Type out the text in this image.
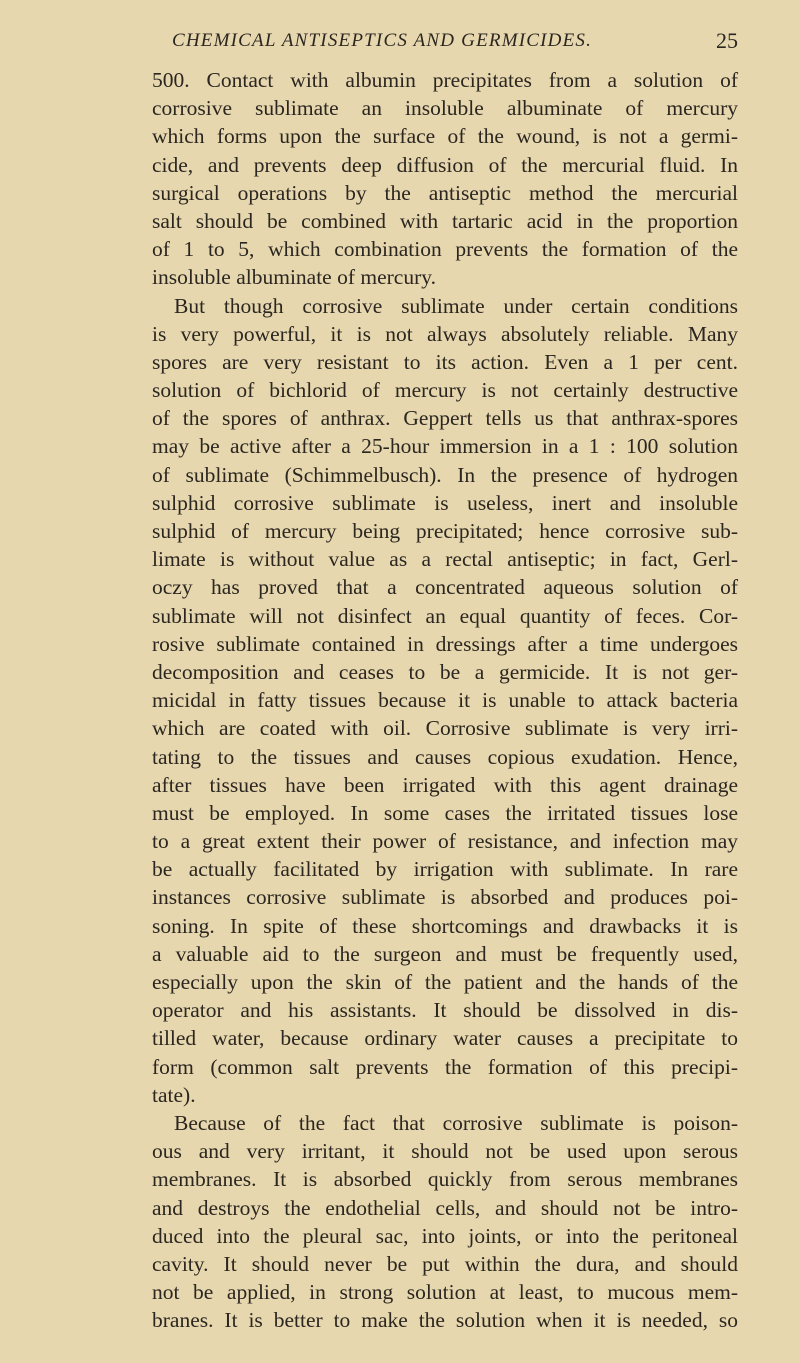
CHEMICAL ANTISEPTICS AND GERMICIDES.	25
500. Contact with albumin precipitates from a solution of
corrosive sublimate an insoluble albuminate of mercury
which forms upon the surface of the wound, is not a germi-
cide, and prevents deep diffusion of the mercurial fluid. In
surgical operations by the antiseptic method the mercurial
salt should be combined with tartaric acid in the proportion
of 1 to 5, which combination prevents the formation of the
insoluble albuminate of mercury.
But though corrosive sublimate under certain conditions
is very powerful, it is not always absolutely reliable. Many
spores are very resistant to its action. Even a 1 per cent.
solution of bichlorid of mercury is not certainly destructive
of the spores of anthrax. Geppert tells us that anthrax-spores
may be active after a 25-hour immersion in a 1 : 100 solution
of sublimate (Schimmelbusch). In the presence of hydrogen
sulphid corrosive sublimate is useless, inert and insoluble
sulphid of mercury being precipitated; hence corrosive sub-
limate is without value as a rectal antiseptic; in fact, Gerl-
oczy has proved that a concentrated aqueous solution of
sublimate will not disinfect an equal quantity of feces. Cor-
rosive sublimate contained in dressings after a time undergoes
decomposition and ceases to be a germicide. It is not ger-
micidal in fatty tissues because it is unable to attack bacteria
which are coated with oil. Corrosive sublimate is very irri-
tating to the tissues and causes copious exudation. Hence,
after tissues have been irrigated with this agent drainage
must be employed. In some cases the irritated tissues lose
to a great extent their power of resistance, and infection may
be actually facilitated by irrigation with sublimate. In rare
instances corrosive sublimate is absorbed and produces poi-
soning. In spite of these shortcomings and drawbacks it is
a valuable aid to the surgeon and must be frequently used,
especially upon the skin of the patient and the hands of the
operator and his assistants. It should be dissolved in dis-
tilled water, because ordinary water causes a precipitate to
form (common salt prevents the formation of this precipi-
tate).
Because of the fact that corrosive sublimate is poison-
ous and very irritant, it should not be used upon serous
membranes. It is absorbed quickly from serous membranes
and destroys the endothelial cells, and should not be intro-
duced into the pleural sac, into joints, or into the peritoneal
cavity. It should never be put within the dura, and should
not be applied, in strong solution at least, to mucous mem-
branes. It is better to make the solution when it is needed, so
